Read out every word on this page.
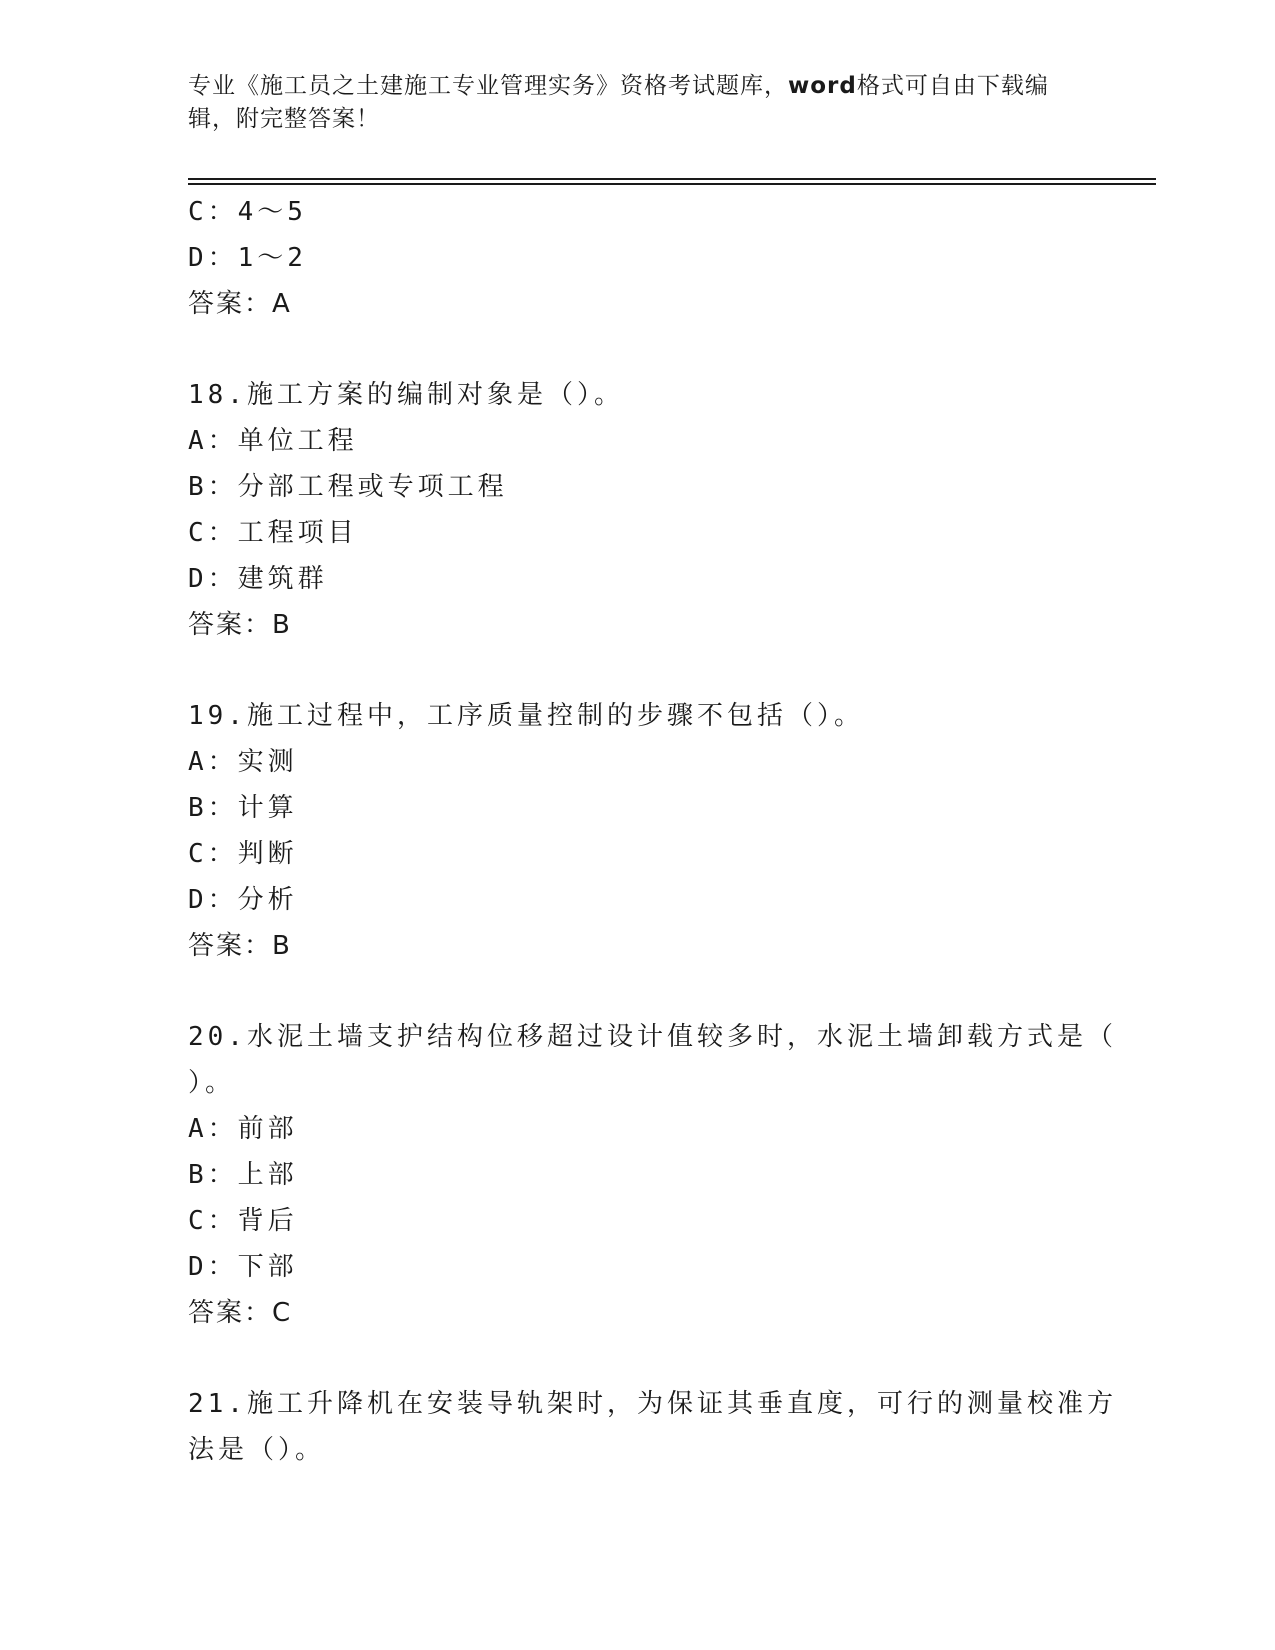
专业《施工员之土建施工专业管理实务》资格考试题库，word格式可自由下载编
辑，附完整答案！
C：4～5
D：1～2
答案：A
18.施工方案的编制对象是（）。
A：单位工程
B：分部工程或专项工程
C：工程项目
D：建筑群
答案：B
19.施工过程中，工序质量控制的步骤不包括（）。
A：实测
B：计算
C：判断
D：分析
答案：B
20.水泥土墙支护结构位移超过设计值较多时，水泥土墙卸载方式是（
）。
A：前部
B：上部
C：背后
D：下部
答案：C
21.施工升降机在安装导轨架时，为保证其垂直度，可行的测量校准方
法是（）。
